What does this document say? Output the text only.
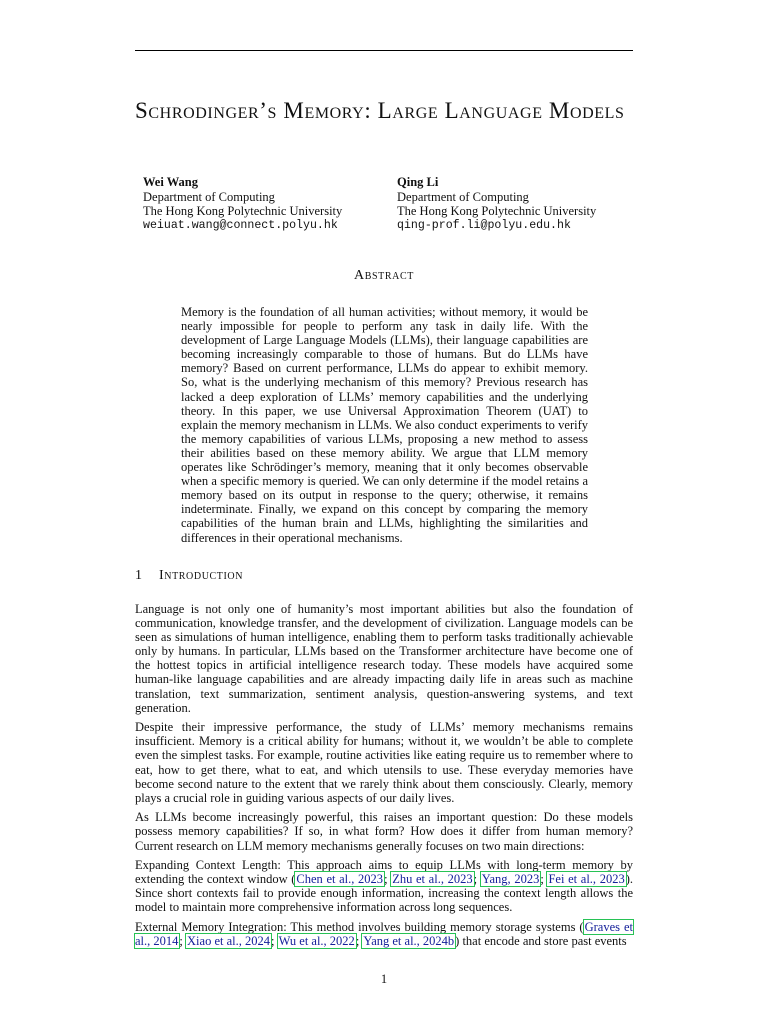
Schrodinger’s Memory: Large Language Models
Wei Wang
Department of Computing
The Hong Kong Polytechnic University
weiuat.wang@connect.polyu.hk
Qing Li
Department of Computing
The Hong Kong Polytechnic University
qing-prof.li@polyu.edu.hk
Abstract

Memory is the foundation of all human activities; without memory, it would be nearly impossible for people to perform any task in daily life. With the development of Large Language Models (LLMs), their language capabilities are becoming increasingly comparable to those of humans. But do LLMs have memory? Based on current performance, LLMs do appear to exhibit memory. So, what is the underlying mechanism of this memory? Previous research has lacked a deep exploration of LLMs’ memory capabilities and the underlying theory. In this paper, we use Universal Approximation Theorem (UAT) to explain the memory mechanism in LLMs. We also conduct experiments to verify the memory capabilities of various LLMs, proposing a new method to assess their abilities based on these memory ability. We argue that LLM memory operates like Schrödinger’s memory, meaning that it only becomes observable when a specific memory is queried. We can only determine if the model retains a memory based on its output in response to the query; otherwise, it remains indeterminate. Finally, we expand on this concept by comparing the memory capabilities of the human brain and LLMs, highlighting the similarities and differences in their operational mechanisms.

1 Introduction

Language is not only one of humanity’s most important abilities but also the foundation of communication, knowledge transfer, and the development of civilization. Language models can be seen as simulations of human intelligence, enabling them to perform tasks traditionally achievable only by humans. In particular, LLMs based on the Transformer architecture have become one of the hottest topics in artificial intelligence research today. These models have acquired some human-like language capabilities and are already impacting daily life in areas such as machine translation, text summarization, sentiment analysis, question-answering systems, and text generation.

Despite their impressive performance, the study of LLMs’ memory mechanisms remains insufficient. Memory is a critical ability for humans; without it, we wouldn’t be able to complete even the simplest tasks. For example, routine activities like eating require us to remember where to eat, how to get there, what to eat, and which utensils to use. These everyday memories have become second nature to the extent that we rarely think about them consciously. Clearly, memory plays a crucial role in guiding various aspects of our daily lives.

As LLMs become increasingly powerful, this raises an important question: Do these models possess memory capabilities? If so, in what form? How does it differ from human memory? Current research on LLM memory mechanisms generally focuses on two main directions:

Expanding Context Length: This approach aims to equip LLMs with long-term memory by extending the context window (Chen et al., 2023; Zhu et al., 2023; Yang, 2023; Fei et al., 2023). Since short contexts fail to provide enough information, increasing the context length allows the model to maintain more comprehensive information across long sequences.

External Memory Integration: This method involves building memory storage systems (Graves et al., 2014; Xiao et al., 2024; Wu et al., 2022; Yang et al., 2024b) that encode and store past events

1
